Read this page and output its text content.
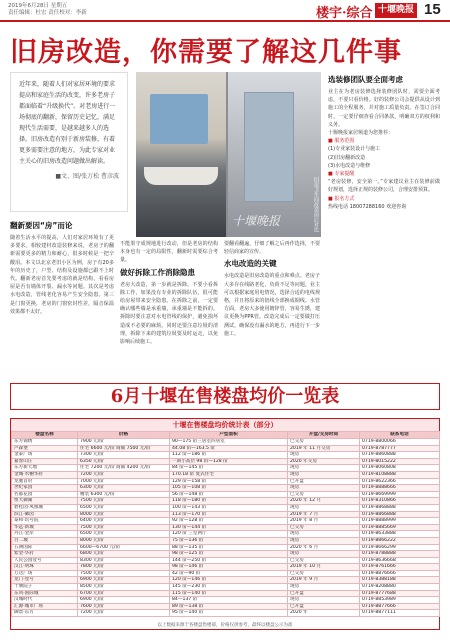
2019年6月28日 星期五
责任编辑：杜宏 责任校对：李新	楼宇·综合 十堰晚报 15
旧房改造，你需要了解这几件事
近年来，随着人们对家居环境的要求提高和家庭生活的改变，许多老房子都面临着“升级换代”。对老房进行一场彻底的翻新，保留历史记忆，满足现代生活需要，是越来越多人的选择。旧房改造有别于新房装修，有着更多需要注意的地方，为此专家对业主关心的旧房改造问题做出解读。
■文、图/张万松 曹彦波
十堰晚报	旧房卫生间改造前后对比
翻新要因“房”而论
随着生活水平的提高，人们对家居环境有了更多要求。相较建材改造装修来说，老房子的翻新需要更多的精力和耐心，很多时候是一把辛酸泪。本文以北京老旧小区为例，房子有20多年的历史了，户型、结构及设施都已跟不上时代。翻新老房首先要考虑的就是结构，看看房屋是否有墙体开裂、漏水等问题。其次是考虑水电改造，管线老化容易产生安全隐患。第三是门窗更换，老房的门窗密封性差，隔音保温效果都不太好。
不能墨守成规地进行改动，但是老房的结构本身也有一定的局限性，翻新时需要综合考量。
做好拆除工作消除隐患
老房大改造，第一步就是拆除。不要小看拆除工作，如果没有专业的拆除队伍，很可能给房屋带来安全隐患。在拆除之前，一定要确认哪些墙是承重墙，承重墙是不能拆的。拆除时要注意对水电管线的保护，避免损坏造成不必要的麻烦。同时还要注意垃圾的清理，拆除下来的建筑垃圾要及时运走，以免影响后续施工。
要翻看翻遍，仔细了解之后再作选择，不要轻信商家的宣传。
水电改造的关键
水电改造是旧房改造的重点和难点。老房子大多存在线路老化、负荷不足等问题。业主可以根据家庭用电情况，选择合适的电线规格，并且将原来的铝线全部换成铜线。水管方面，老房大多使用镀锌管，容易生锈，建议更换为PPR管。改造完成后一定要做打压测试，确保没有漏水的地方，再进行下一步施工。
选装修团队要全面考虑
业主在为老房装修选择装修团队时，需要全面考虑，不要只看价格。好的装修公司会提供从设计到施工的全程服务，并对施工质量负责。在签订合同时，一定要仔细查看合同条款，明确双方的权利和义务。
十堰晚报家居频道为您推荐：
■ 服务范围
(1)专业家装设计与施工
(2)旧房翻新改造
(3)水电改造与维修
■ 专家提醒
“老房装修，安全第一。”专家建议业主在装修前做好规划，选择正规的装修公司，合理安排预算。
■ 报名方式
热线电话 18007288160 欢迎咨询
6月十堰在售楼盘均价一览表
十堰在售楼盘均价统计表（部分）
楼盘名称	价格	户型面积	开盘/交房时间	联系电话
东方锦绣	7900 元/㎡	90—175 ㎡三居室四居室	已交房	0719-8800066
卢森堡	住宅 6600 元/㎡ 商铺 7500 元/㎡	44.08 ㎡—163.5 ㎡	2019 年 11 月交房	0719-8787777
金泰广场	7300 元/㎡	112 ㎡—186 ㎡	现房	0719-8860888
嘉誉山庄	6350 元/㎡	一期小高层 98 ㎡—128 ㎡	2020 年交房	0719-8015222
东方新天地	住宅 7200 元/㎡ 商铺 4200 元/㎡	84 ㎡—145 ㎡	现房	0719-8060808
金城·水榭华府	7200 元/㎡	170.18 ㎡ 复式住宅	现房	0719-8108888
龙驰首府	7000 元/㎡	129 ㎡—158 ㎡	已开盘	0719-8622366
世纪家园	6300 元/㎡	105 ㎡—108 ㎡	现房	0719-8888666
名都花园	精装 6300 元/㎡	56 ㎡—148 ㎡	已交房	0719-8669999
恒大御湖	7500 元/㎡	118 ㎡—180 ㎡	2020 年 12 月	0719-8310866
碧桂园·凤凰城	6500 元/㎡	100 ㎡—143 ㎡	现房	0719-8868888
滨江·御园	8000 元/㎡	113 ㎡—170 ㎡	2019 年 7 月	0719-8866888
泰和·玖号院	6400 元/㎡	92 ㎡—128 ㎡	2019 年 8 月	0719-8888999
华远·新城	7500 元/㎡	130 ㎡—144 ㎡	已交房	0719-8885669
丹江·金岸	6500 元/㎡	120 ㎡ 三室两厅	现房	0719-8633888
百二城	8000 元/㎡	75 ㎡—136 ㎡	现房	0719-8866222
五洲国际	6600—6700 元/㎡	88 ㎡—135 ㎡	2020 年 6 月	0719-8666299
紫金·华府	6800 元/㎡	98 ㎡—125 ㎡	现房	0719-8788888
人民公园壹号	8300 元/㎡	144 ㎡—250 ㎡	已交房	0719-8636668
汉江·明珠	7800 元/㎡	98 ㎡—146 ㎡	2019 年 10 月	0719-8761666
万达广场	7500 元/㎡	42 ㎡—90 ㎡	已交房	0719-8876666
龙门·壹号	6900 元/㎡	120 ㎡—146 ㎡	2019 年 9 月	0719-8388188
十堰院子	8500 元/㎡	145 ㎡—230 ㎡	现房	0719-8208880
东风·国际城	6700 元/㎡	115 ㎡—140 ㎡	已开盘	0719-8777688
汉城时代	6900 元/㎡	84—137 ㎡	现房	0719-8853989
汇源·城市广场	7600 元/㎡	89 ㎡—138 ㎡	已开盘	0719-8877666
御景·东方	7200 元/㎡	95 ㎡—140 ㎡	2020 年	0719-8877111
以上数据来源于各楼盘售楼部，价格仅供参考，最终以楼盘公示为准
